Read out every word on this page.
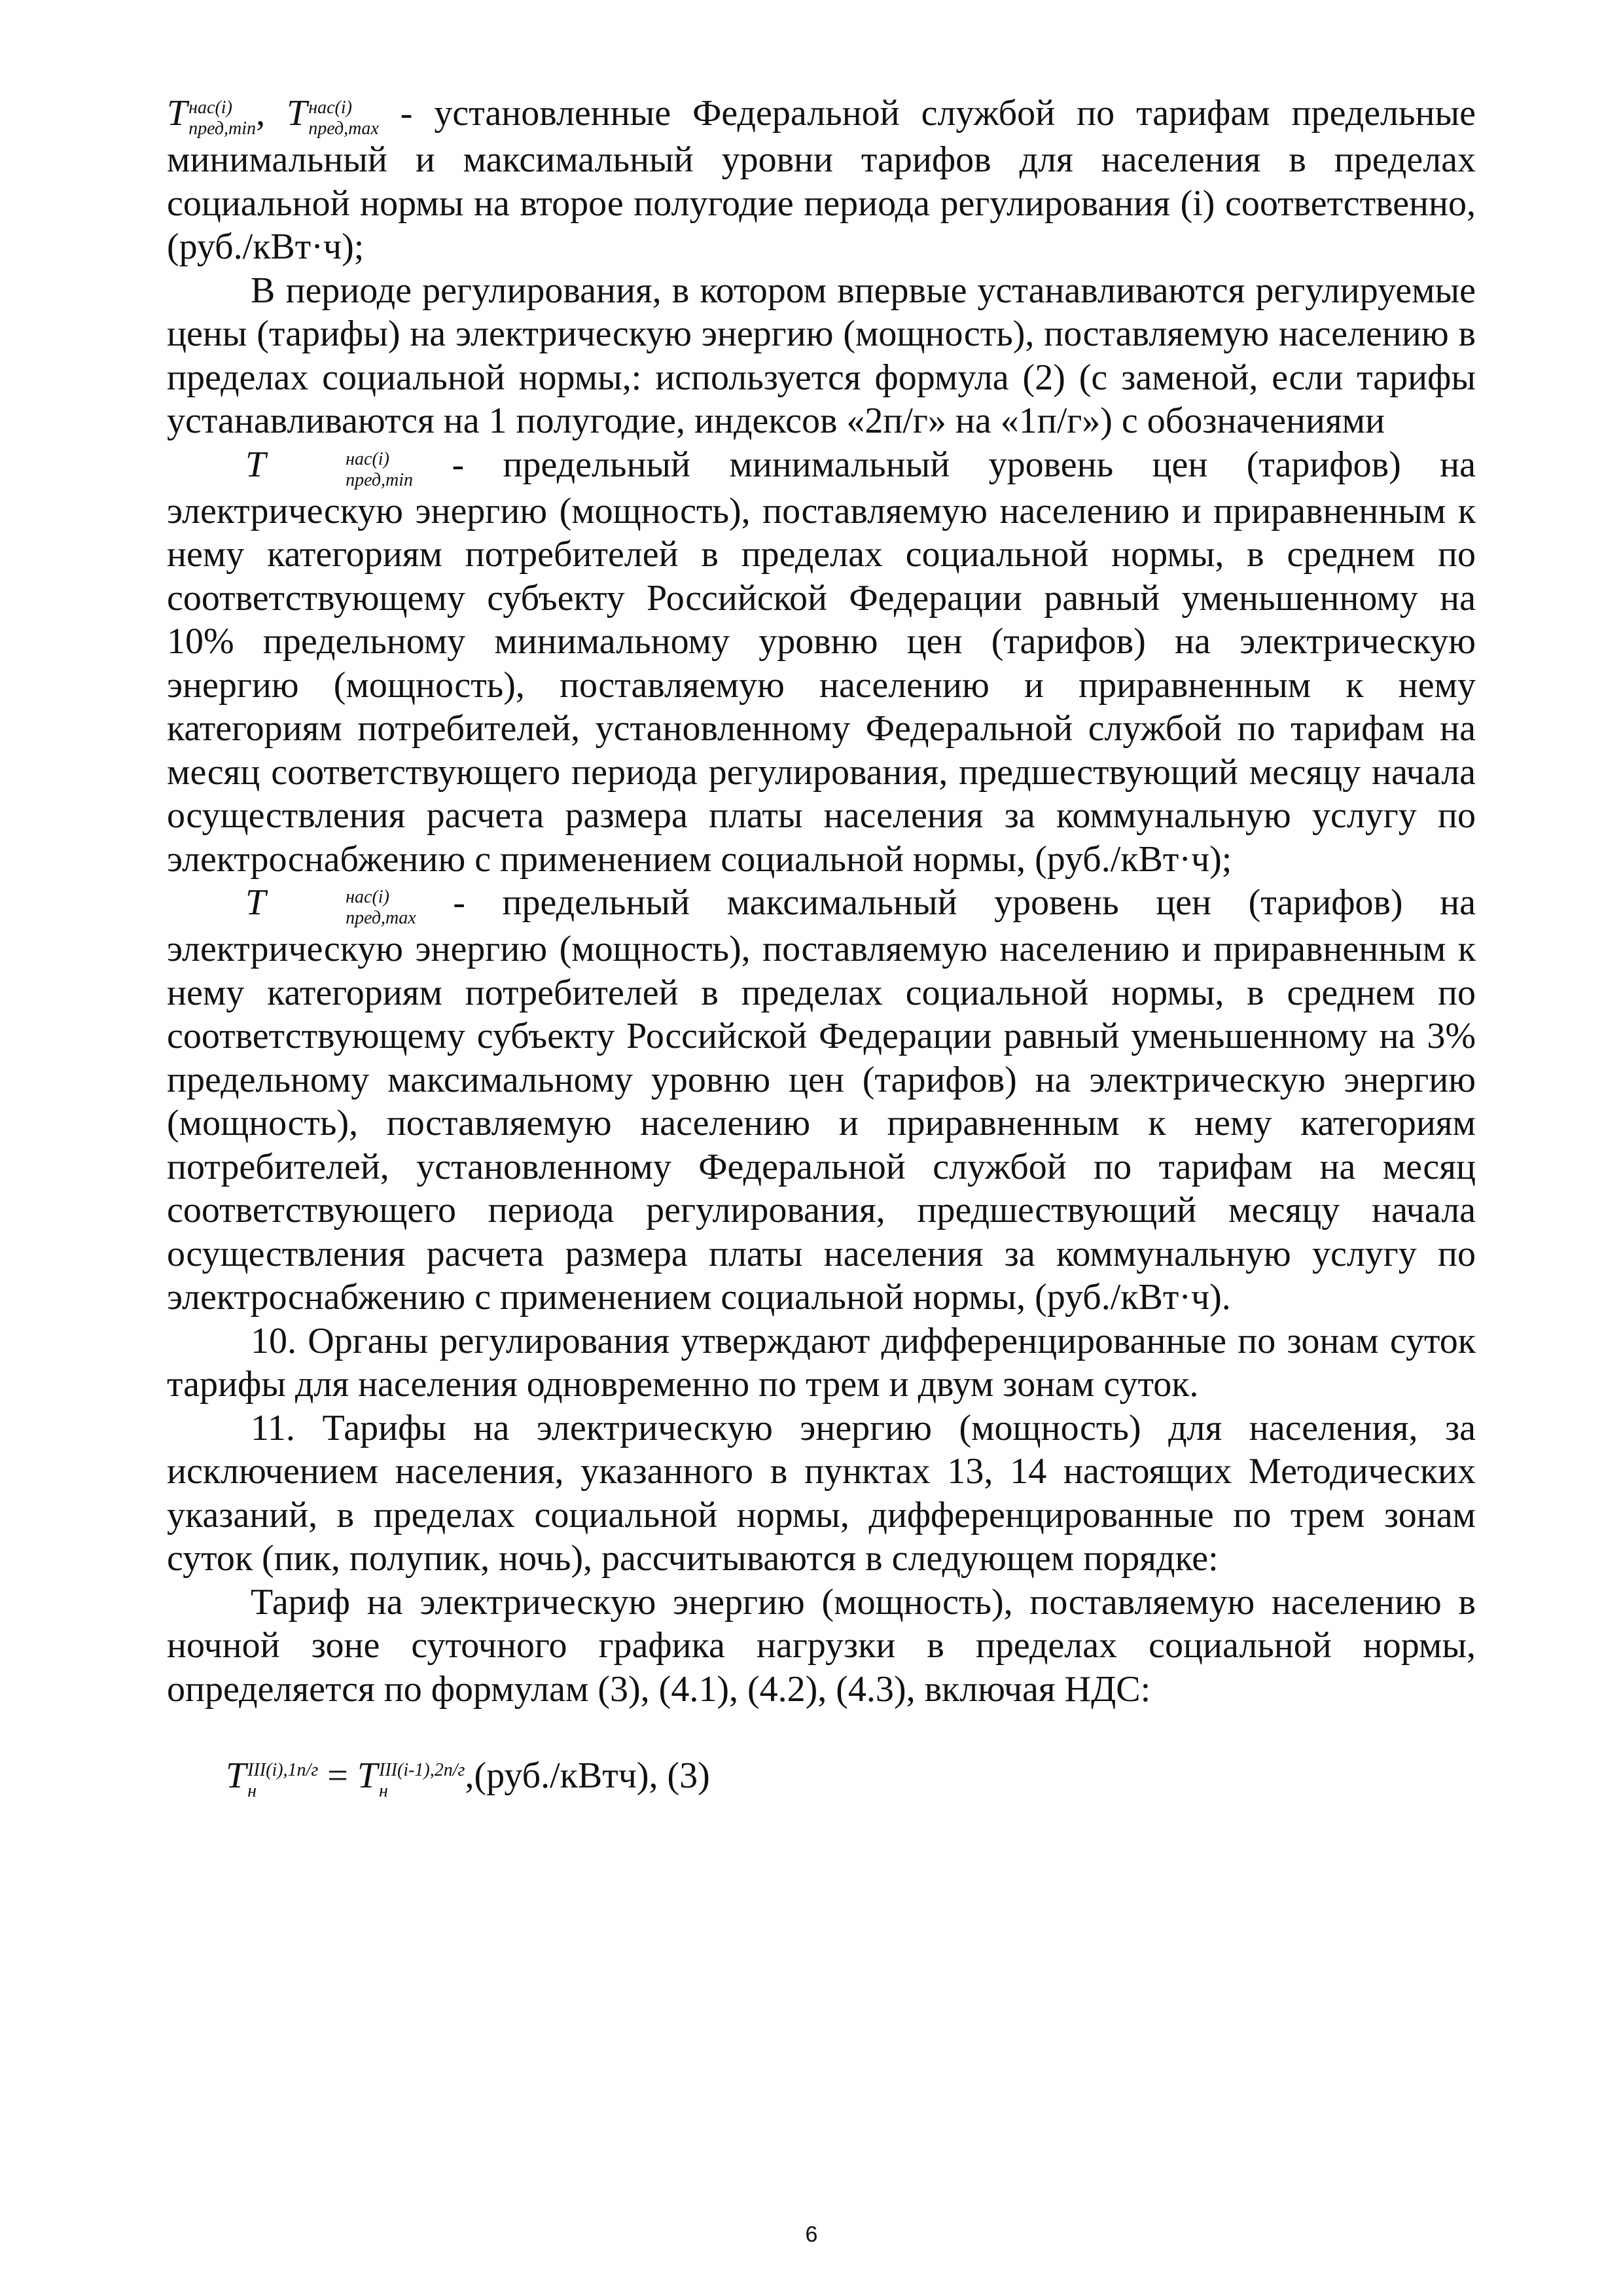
T нас(i)
пред,min , T нас(i)
пред,max - установленные Федеральной службой по тарифам предельные минимальный и максимальный уровни тарифов для населения в пределах социальной нормы на второе полугодие периода регулирования (i) соответственно, (руб./кВт·ч);

В периоде регулирования, в котором впервые устанавливаются регулируемые цены (тарифы) на электрическую энергию (мощность), поставляемую населению в пределах социальной нормы,: используется формула (2) (с заменой, если тарифы устанавливаются на 1 полугодие, индексов «2п/г» на «1п/г») с обозначениями

T	нас(i)
пред,min - предельный минимальный уровень цен (тарифов) на электрическую энергию (мощность), поставляемую населению и приравненным к нему категориям потребителей в пределах социальной нормы, в среднем по соответствующему субъекту Российской Федерации равный уменьшенному на 10% предельному минимальному уровню цен (тарифов) на электрическую энергию (мощность), поставляемую населению и приравненным к нему категориям потребителей, установленному Федеральной службой по тарифам на месяц соответствующего периода регулирования, предшествующий месяцу начала осуществления расчета размера платы населения за коммунальную услугу по электроснабжению с применением социальной нормы, (руб./кВт·ч);

T	нас(i)
пред,max - предельный максимальный уровень цен (тарифов) на электрическую энергию (мощность), поставляемую населению и приравненным к нему категориям потребителей в пределах социальной нормы, в среднем по соответствующему субъекту Российской Федерации равный уменьшенному на 3% предельному максимальному уровню цен (тарифов) на электрическую энергию (мощность), поставляемую населению и приравненным к нему категориям потребителей, установленному Федеральной службой по тарифам на месяц соответствующего периода регулирования, предшествующий месяцу начала осуществления расчета размера платы населения за коммунальную услугу по электроснабжению с применением социальной нормы, (руб./кВт·ч).

10. Органы регулирования утверждают дифференцированные по зонам суток тарифы для населения одновременно по трем и двум зонам суток.

11. Тарифы на электрическую энергию (мощность) для населения, за исключением населения, указанного в пунктах 13, 14 настоящих Методических указаний, в пределах социальной нормы, дифференцированные по трем зонам суток (пик, полупик, ночь), рассчитываются в следующем порядке:

Тариф на электрическую энергию (мощность), поставляемую населению в ночной зоне суточного графика нагрузки в пределах социальной нормы, определяется по формулам (3), (4.1), (4.2), (4.3), включая НДС:

T III(i),1п/г
н	= T III(i-1),2п/г
н	,(руб./кВтч), (3)

6
